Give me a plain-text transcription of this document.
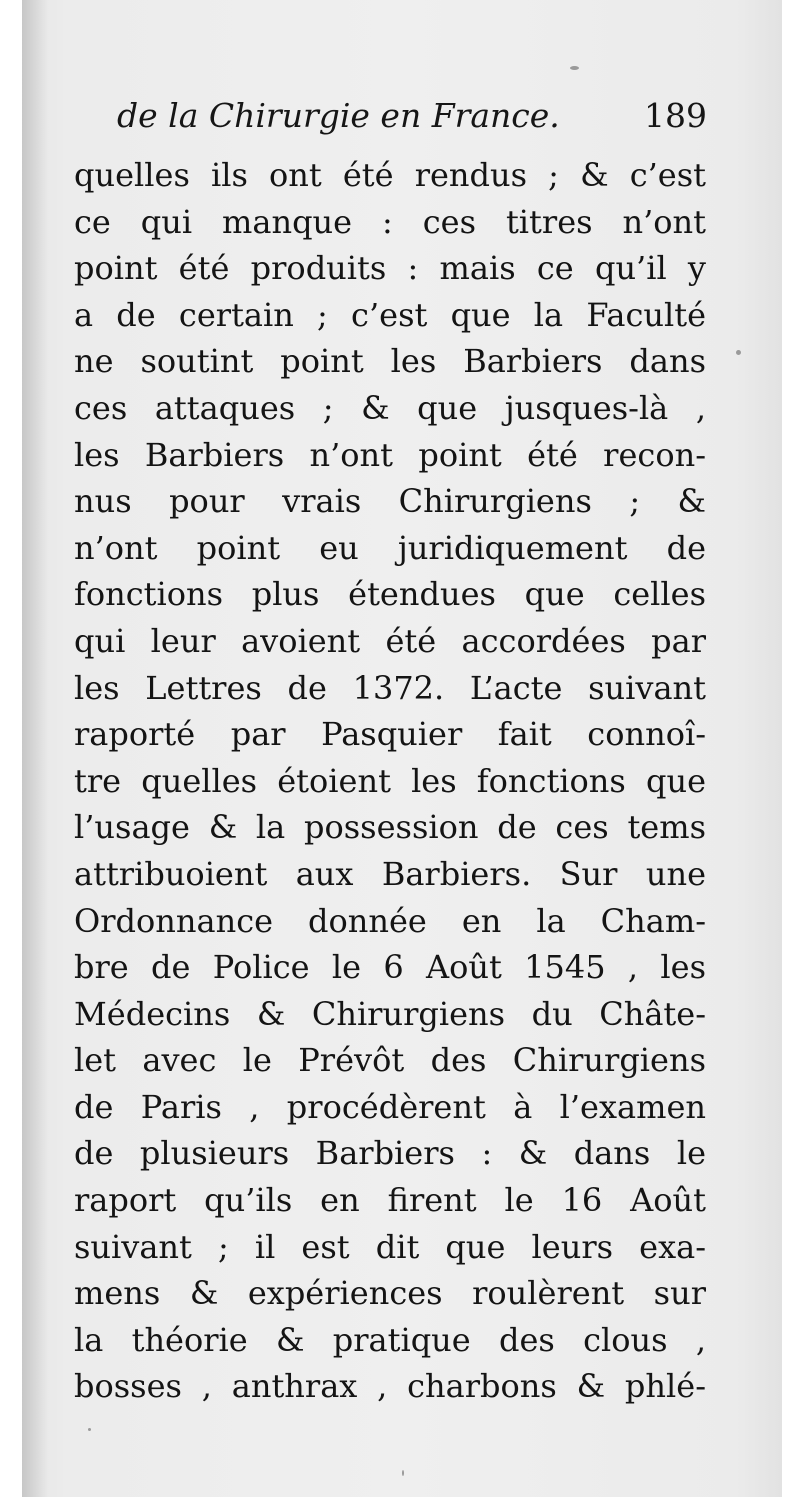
de la Chirurgie en France.	189
quelles ils ont été rendus ; & c’est
ce qui manque : ces titres n’ont
point été produits : mais ce qu’il y
a de certain ; c’est que la Faculté
ne soutint point les Barbiers dans
ces attaques ; & que jusques-là ,
les Barbiers n’ont point été recon-
nus pour vrais Chirurgiens ; &
n’ont point eu juridiquement de
fonctions plus étendues que celles
qui leur avoient été accordées par
les Lettres de 1372. L’acte suivant
raporté par Pasquier fait connoî-
tre quelles étoient les fonctions que
l’usage & la possession de ces tems
attribuoient aux Barbiers. Sur une
Ordonnance donnée en la Cham-
bre de Police le 6 Août 1545 , les
Médecins & Chirurgiens du Châte-
let avec le Prévôt des Chirurgiens
de Paris , procédèrent à l’examen
de plusieurs Barbiers : & dans le
raport qu’ils en firent le 16 Août
suivant ; il est dit que leurs exa-
mens & expériences roulèrent sur
la théorie & pratique des clous ,
bosses , anthrax , charbons & phlé-
